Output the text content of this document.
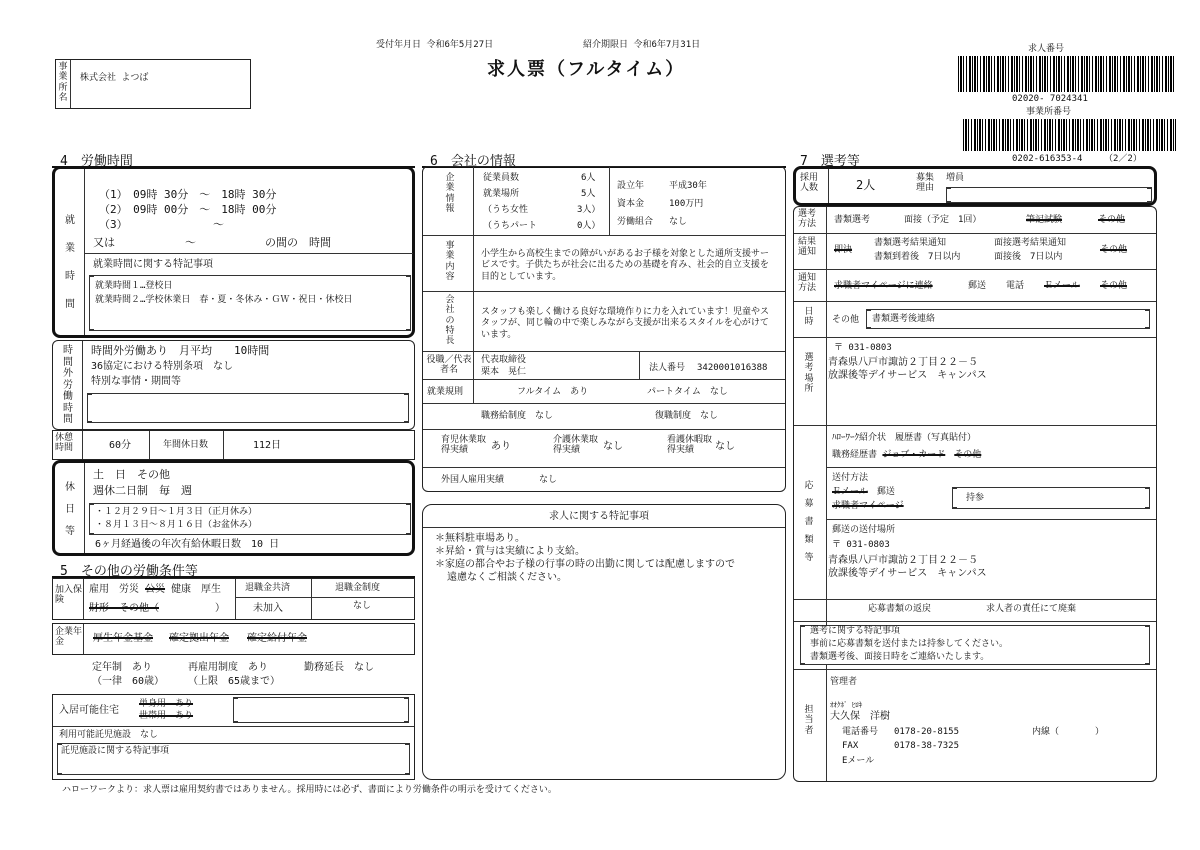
受付年月日 令和6年5月27日	紹介期限日 令和6年7月31日
求人票（フルタイム）
事業所名
株式会社 よつば
求人番号
02020- 7024341
事業所番号
0202-616353-4 （2／2）
4　労働時間
就業時間
（1）　09時 30分　～　18時 30分
（2）　09時 00分　～　18時 00分
（3）	～
又は	～	の間の　時間
就業時間に関する特記事項
就業時間１…登校日
就業時間２…学校休業日　春・夏・冬休み・ＧＷ・祝日・休校日
時間外労働時間
時間外労働あり　月平均　　10時間
36協定における特別条項　なし
特別な事情・期間等
休憩時間	60分	年間休日数	112日
休日等
土　日　その他
週休二日制　毎　週
・１２月２９日～１月３日（正月休み）
・８月１３日～８月１６日（お盆休み）
6ヶ月経過後の年次有給休暇日数　10 日
5　その他の労働条件等
加入保険
雇用　労災 公災 健康　厚生
財形　その他（	）
退職金共済
未加入
退職金制度
なし
企業年金	厚生年金基金 確定拠出年金 確定給付年金
定年制　あり
（一律　60歳）
再雇用制度　あり
（上限　65歳まで）
勤務延長　なし
入居可能住宅
単身用　あり
世帯用　あり
利用可能託児施設　なし
託児施設に関する特記事項
6　会社の情報
企業情報
従業員数	6人
就業場所	5人
（うち女性	3人）
（うちパート	0人）
設立年	平成30年
資本金	100万円
労働組合 なし
事業内容
小学生から高校生までの障がいがあるお子様を対象とした通所支援サービスです。子供たちが社会に出るための基礎を育み、社会的自立支援を目的としています。
会社の特長
スタッフも楽しく働ける良好な環境作りに力を入れています！児童やスタッフが、同じ輪の中で楽しみながら支援が出来るスタイルを心がけています。
役職／代表者名
代表取締役
栗本　晃仁	法人番号 3420001016388
就業規則	フルタイム　あり	パートタイム　なし
職務給制度　なし	復職制度　なし
育児休業取得実績	あり
介護休業取得実績	なし
看護休暇取得実績	なし
外国人雇用実績	なし
求人に関する特記事項
＊無料駐車場あり。
＊昇給・賞与は実績により支給。
＊家庭の都合やお子様の行事の時の出勤に関しては配慮しますので
遠慮なくご相談ください。
7　選考等
採用人数	2人	募集理由
増員
選考方法	書類選考	面接（予定　1回）	筆記試験	その他
結果通知	即決
書類選考結果通知
書類到着後　7日以内
面接選考結果通知
面接後　7日以内
その他
通知方法	求職者マイページに連絡	郵送 電話 Ｅメール その他
日時 その他 書類選考後連絡
選考場所
〒 031-0803
青森県八戸市諏訪２丁目２２－５
放課後等デイサービス　キャンパス
応募書類等
ﾊﾛｰﾜｰｸ紹介状　履歴書（写真貼付）
職務経歴書 ジョブ・カード　 その他
送付方法
Ｅメール　 郵送
求職者マイページ
持参
郵送の送付場所
〒 031-0803
青森県八戸市諏訪２丁目２２－５
放課後等デイサービス　キャンパス
応募書類の返戻	求人者の責任にて廃棄
選考に関する特記事項
事前に応募書類を送付または持参してください。
書類選考後、面接日時をご連絡いたします。
担当者
管理者
ｵｵｸﾎﾞ ﾋﾛｷ
大久保　洋樹
電話番号 0178-20-8155	内線（　　　　）
FAX	0178-38-7325
Eメール
ハローワークより：求人票は雇用契約書ではありません。採用時には必ず、書面により労働条件の明示を受けてください。
